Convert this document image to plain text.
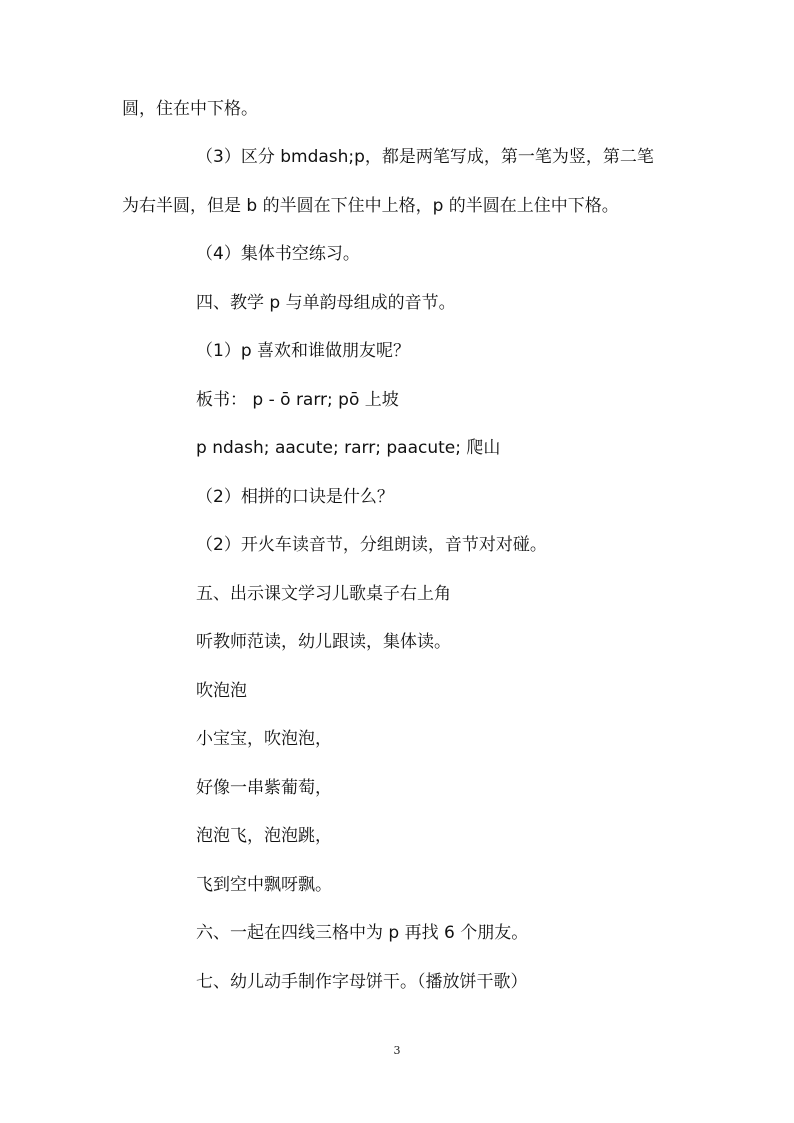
圆，住在中下格。

（3）区分 bmdash;p，都是两笔写成，第一笔为竖，第二笔

为右半圆，但是 b 的半圆在下住中上格，p 的半圆在上住中下格。

（4）集体书空练习。

四、教学 p 与单韵母组成的音节。

（1）p 喜欢和谁做朋友呢？

板书： p - ō rarr; pō 上坡

p ndash; aacute; rarr; paacute; 爬山

（2）相拼的口诀是什么？

（2）开火车读音节，分组朗读，音节对对碰。

五、出示课文学习儿歌桌子右上角

听教师范读，幼儿跟读，集体读。

吹泡泡

小宝宝，吹泡泡，

好像一串紫葡萄，

泡泡飞，泡泡跳，

飞到空中飘呀飘。

六、一起在四线三格中为 p 再找 6 个朋友。

七、幼儿动手制作字母饼干。（播放饼干歌）

3
